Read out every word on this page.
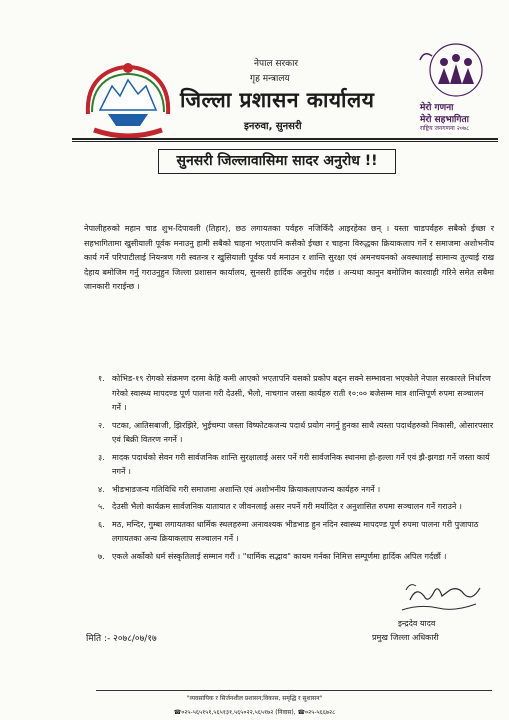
मेरो गणना
मेरो सहभागिता
राष्ट्रिय जनगणना २०७८
नेपाल सरकार
गृह मन्त्रालय
जिल्ला प्रशासन कार्यालय
इनरुवा, सुनसरी
सुनसरी जिल्लावासिमा सादर अनुरोध !!
नेपालीहरुको महान चाड शुभ-दिपावली (तिहार), छठ लगायतका पर्वहरु नजिकिँदै आइरहेका छन् । यस्ता चाडपर्वहरु सबैको ईच्छा र सहभागितामा खुसीयाली पूर्वक मनाउनु हामी सबैको चाहना भएतापनि कसैको ईच्छा र चाहना विरुद्धका क्रियाकलाप गर्ने र समाजमा अशोभनीय कार्य गर्ने परिपाटीलाई नियन्त्रण गरी स्वतन्त्र र खुसियाली पूर्वक पर्व मनाउन र शान्ति सुरक्षा एवं अमनचयनको अवस्थालाई सामान्य तुल्याई राख देहाय बमोजिम गर्नु गराउनुहुन जिल्ला प्रशासन कार्यालय, सुनसरी हार्दिक अनुरोध गर्दछ । अन्यथा कानुन बमोजिम कारवाही गरिने समेत सबैमा जानकारी गराईन्छ ।
१. कोभिड-१९ रोगको संक्रमण दरमा केहि कमी आएको भएतापनि यसको प्रकोप बढ्न सक्ने सम्भावना भएकोले नेपाल सरकारले निर्धारण गरेको स्वास्थ्य मापदण्ड पूर्ण पालना गरी देउसी, भैलो, नाचगान जस्ता कार्यहरु राती १०:०० बजेसम्म मात्र शान्तिपूर्ण रुपमा सञ्चालन गर्ने ।
२. पटका, आतिसबाजी, झिरझिरे, भुईचम्पा जस्ता विष्फोटकजन्य पदार्थ प्रयोग नगर्नु हुनका साथै त्यस्ता पदार्थहरुको निकासी, ओसारपसार एवं बिक्री वितरण नगर्ने ।
३. मादक पदार्थको सेवन गरी सार्वजनिक शान्ति सुरक्षालाई असर पर्ने गरी सार्वजनिक स्थानमा हो-हल्ला गर्ने एवं झै-झगडा गर्ने जस्ता कार्य नगर्ने ।
४. भीडभाडजन्य गतिविधि गरी समाजमा अशान्ति एवं अशोभनीय क्रियाकलापजन्य कार्यहरु नगर्ने ।
५. देउसी भैलो कार्यक्रम सार्वजनिक यातायात र जीवनलाई असर नपर्ने गरी मर्यादित र अनुशासित रुपमा सञ्चालन गर्ने गराउने ।
६. मठ, मन्दिर, गुम्बा लगायतका धार्मिक स्थलहरुमा अनावश्यक भीडभाड हुन नदिन स्वास्थ्य मापदण्ड पूर्ण रुपमा पालना गरी पुजापाठ लगायतका अन्य क्रियाकलाप सञ्चालन गर्ने ।
७. एकले अर्कोको धर्म संस्कृतिलाई सम्मान गरौं । "धार्मिक सद्भाव" कायम गर्नका निमित्त सम्पूर्णमा हार्दिक अपिल गर्दछौं ।
मिति :- २०७८/०७/१७
इन्द्रदेव यादव
प्रमुख जिल्ला अधिकारी
"व्यवसायिक र सिर्जनशील प्रशासन;विकास, समृद्धि र सुशासन"
☎०२५-५६५१५१,५६५१३१,५६५०२२,५६५१७२ (निवास), ☎०२५-५६६७२८
